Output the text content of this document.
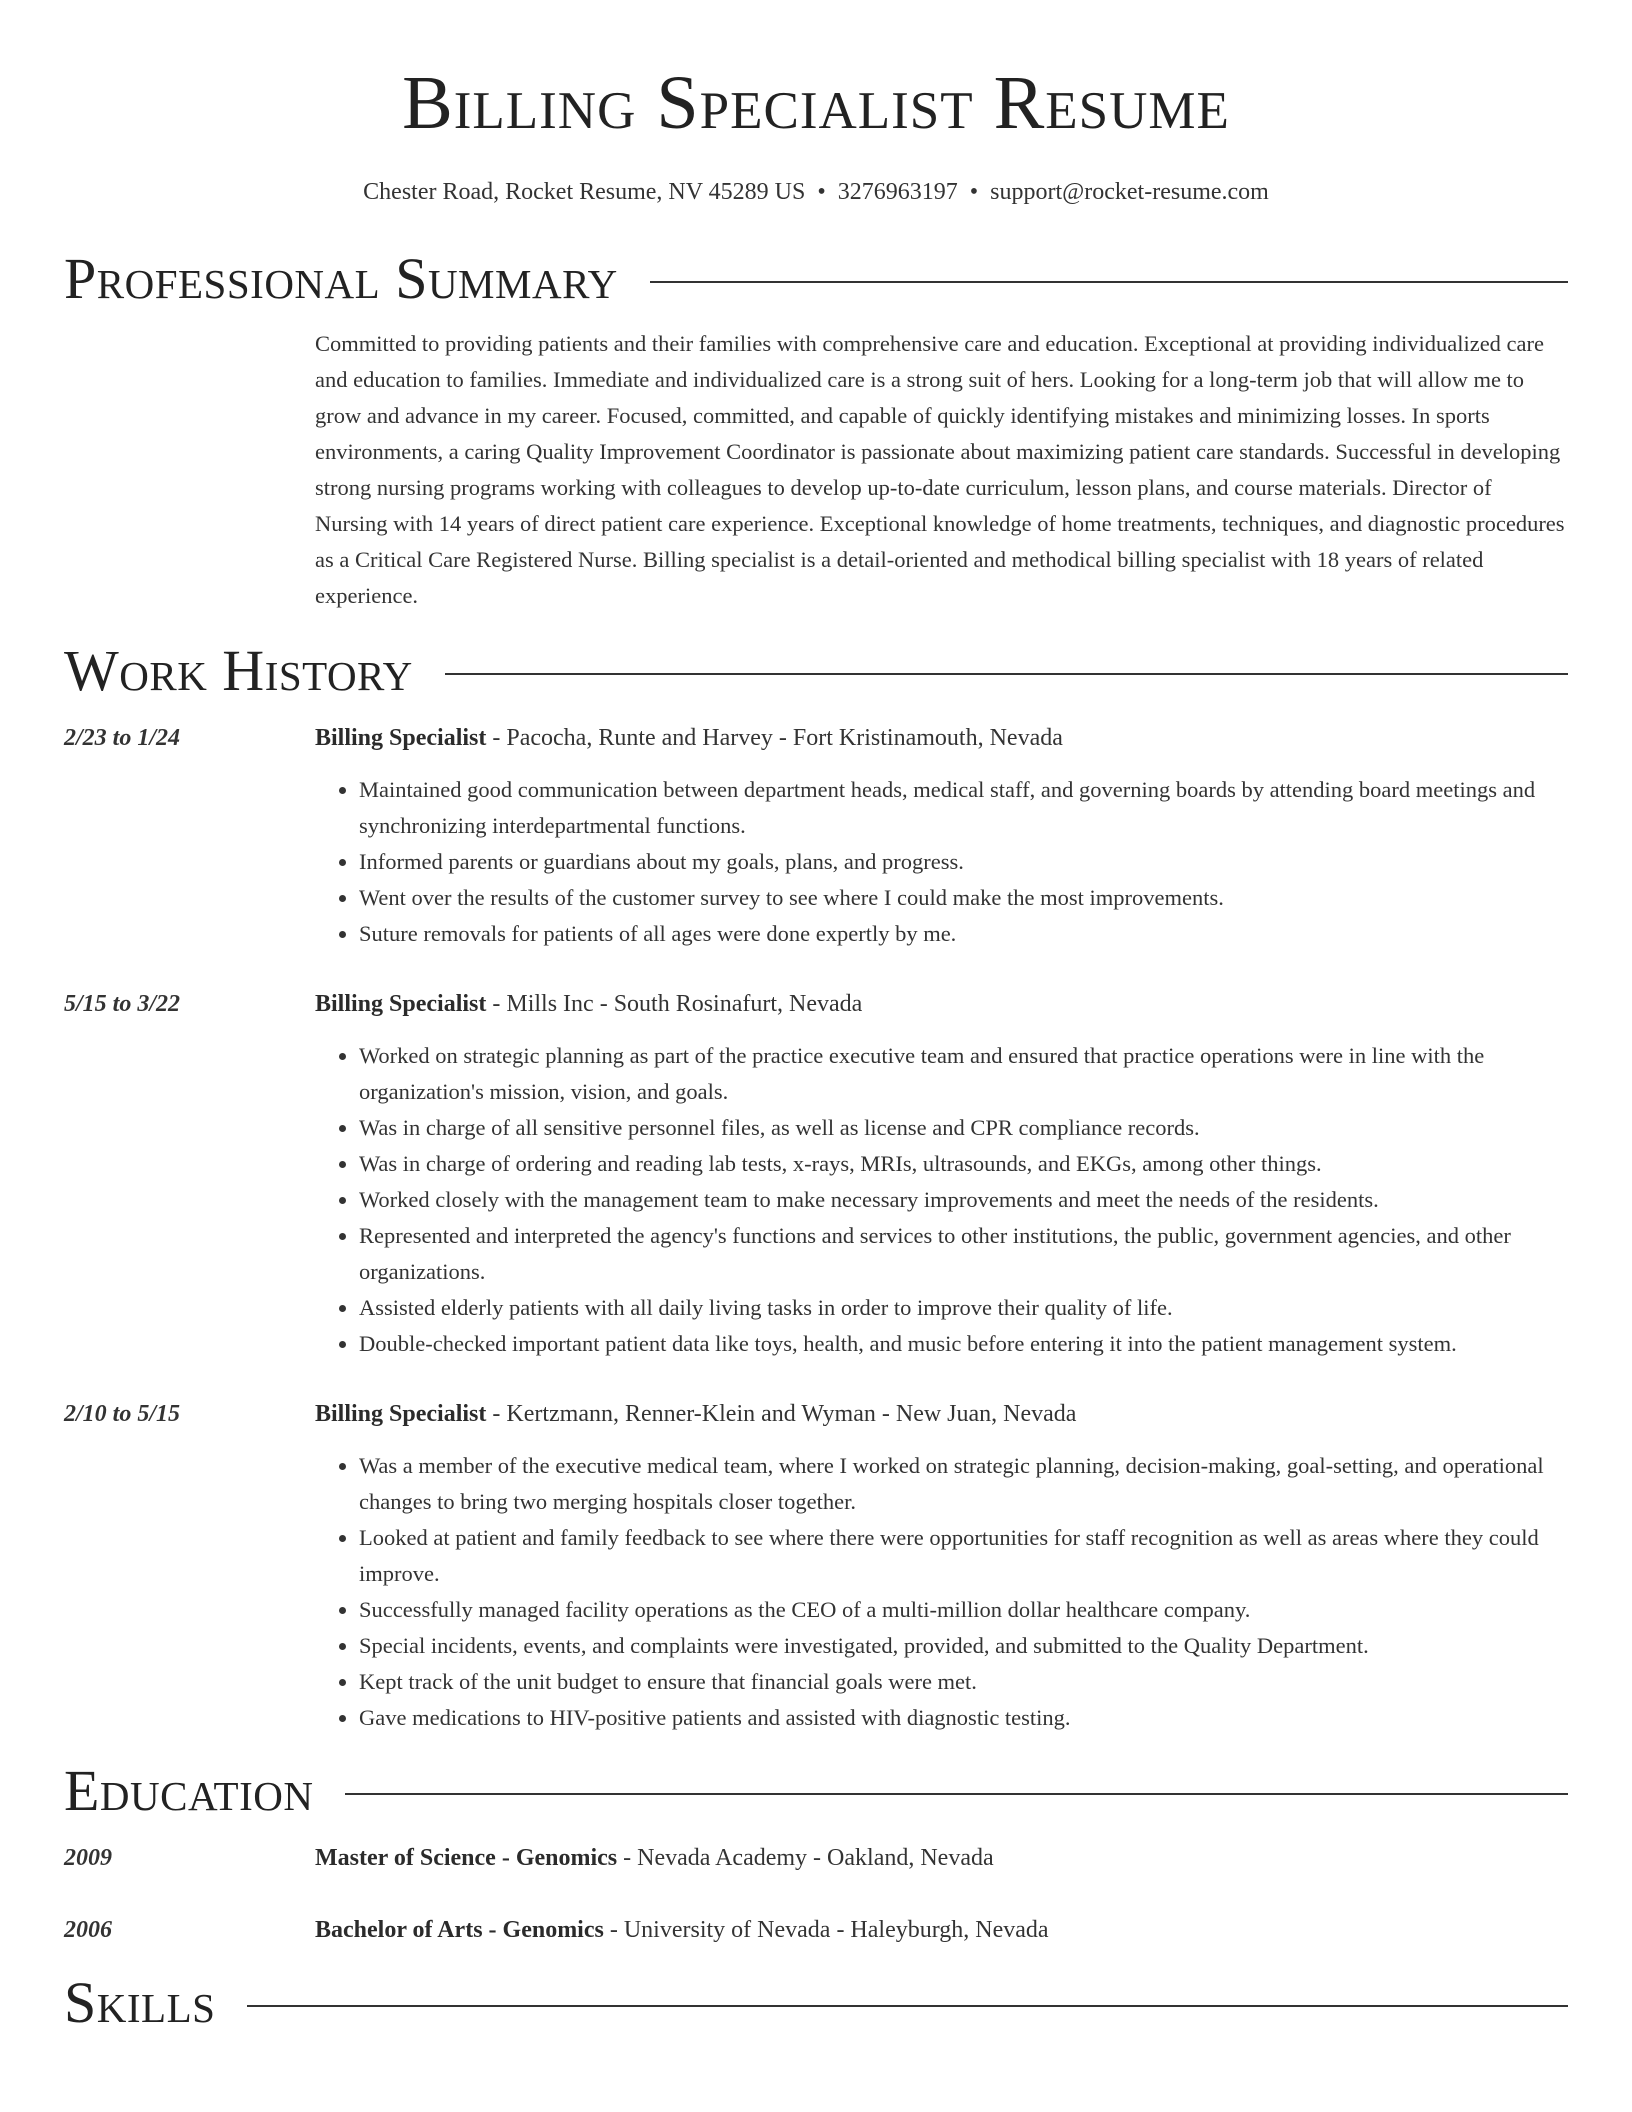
Billing Specialist Resume
Chester Road, Rocket Resume, NV 45289 US • 3276963197 • support@rocket-resume.com
Professional Summary

Committed to providing patients and their families with comprehensive care and education. Exceptional at providing individualized care and education to families. Immediate and individualized care is a strong suit of hers. Looking for a long-term job that will allow me to grow and advance in my career. Focused, committed, and capable of quickly identifying mistakes and minimizing losses. In sports environments, a caring Quality Improvement Coordinator is passionate about maximizing patient care standards. Successful in developing strong nursing programs working with colleagues to develop up-to-date curriculum, lesson plans, and course materials. Director of Nursing with 14 years of direct patient care experience. Exceptional knowledge of home treatments, techniques, and diagnostic procedures as a Critical Care Registered Nurse. Billing specialist is a detail-oriented and methodical billing specialist with 18 years of related experience.

Work History
2/23 to 1/24	Billing Specialist - Pacocha, Runte and Harvey - Fort Kristinamouth, Nevada
• Maintained good communication between department heads, medical staff, and governing boards by attending board meetings and synchronizing interdepartmental functions.
• Informed parents or guardians about my goals, plans, and progress.
• Went over the results of the customer survey to see where I could make the most improvements.
• Suture removals for patients of all ages were done expertly by me.
5/15 to 3/22	Billing Specialist - Mills Inc - South Rosinafurt, Nevada
• Worked on strategic planning as part of the practice executive team and ensured that practice operations were in line with the organization's mission, vision, and goals.
• Was in charge of all sensitive personnel files, as well as license and CPR compliance records.
• Was in charge of ordering and reading lab tests, x-rays, MRIs, ultrasounds, and EKGs, among other things.
• Worked closely with the management team to make necessary improvements and meet the needs of the residents.
• Represented and interpreted the agency's functions and services to other institutions, the public, government agencies, and other organizations.
• Assisted elderly patients with all daily living tasks in order to improve their quality of life.
• Double-checked important patient data like toys, health, and music before entering it into the patient management system.
2/10 to 5/15	Billing Specialist - Kertzmann, Renner-Klein and Wyman - New Juan, Nevada
• Was a member of the executive medical team, where I worked on strategic planning, decision-making, goal-setting, and operational changes to bring two merging hospitals closer together.
• Looked at patient and family feedback to see where there were opportunities for staff recognition as well as areas where they could improve.
• Successfully managed facility operations as the CEO of a multi-million dollar healthcare company.
• Special incidents, events, and complaints were investigated, provided, and submitted to the Quality Department.
• Kept track of the unit budget to ensure that financial goals were met.
• Gave medications to HIV-positive patients and assisted with diagnostic testing.
Education
2009	Master of Science - Genomics - Nevada Academy - Oakland, Nevada
2006	Bachelor of Arts - Genomics - University of Nevada - Haleyburgh, Nevada
Skills
